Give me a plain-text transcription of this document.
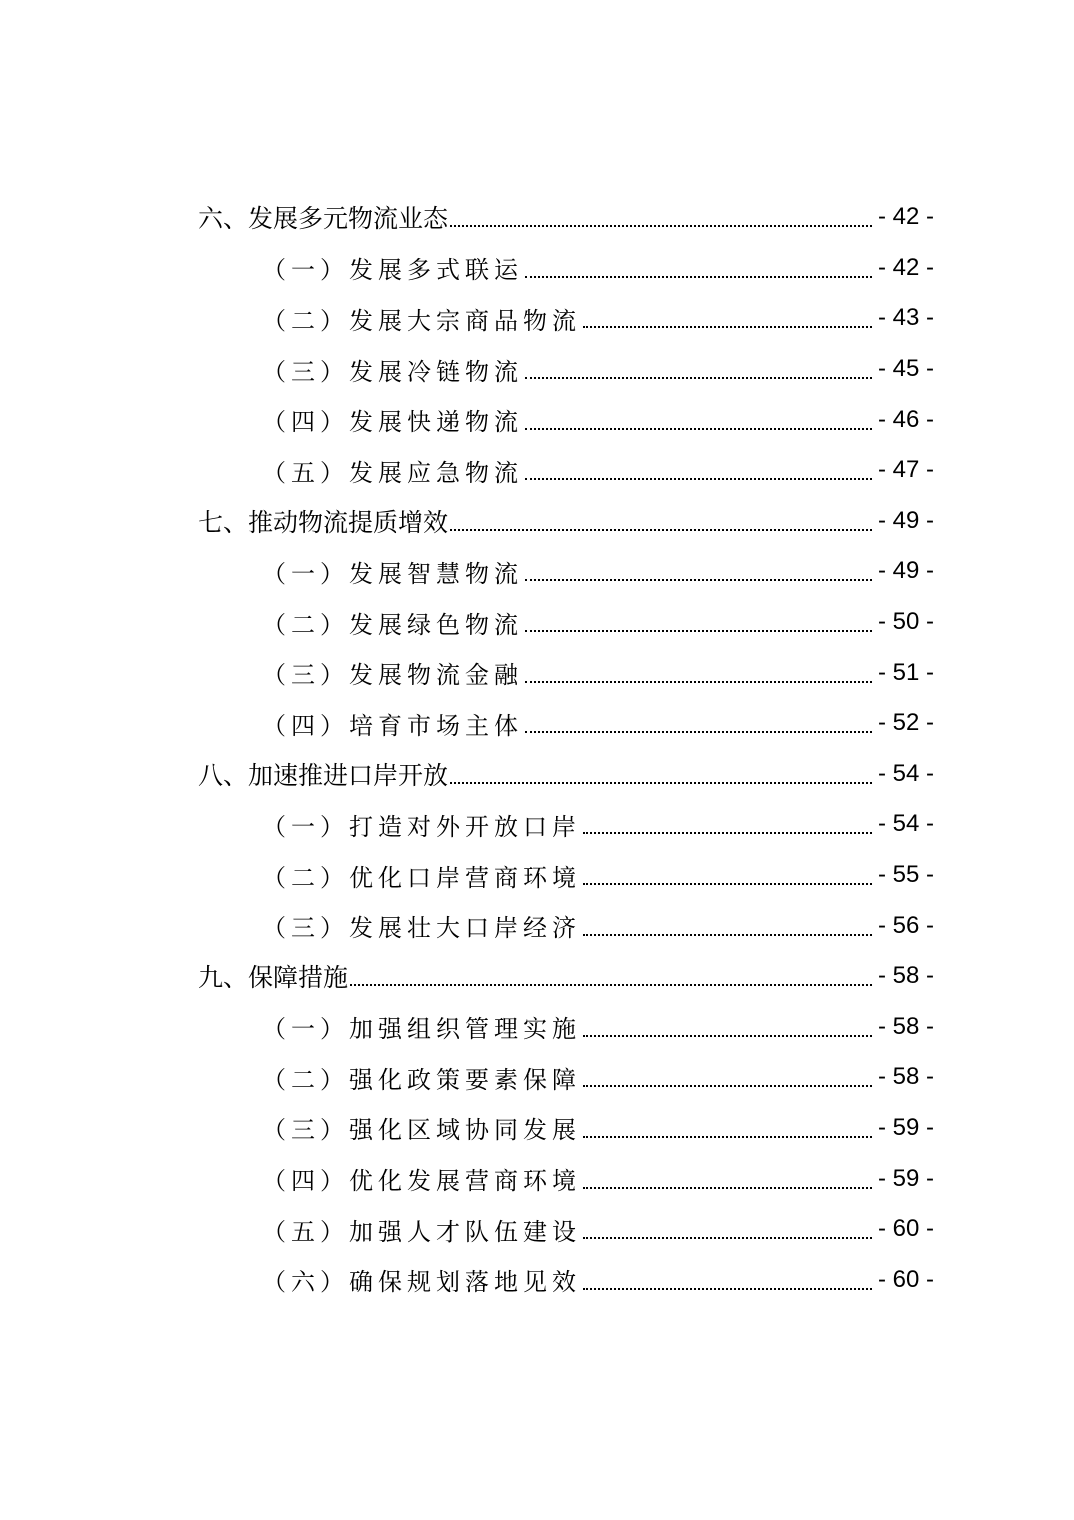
六、发展多元物流业态	- 42 -
（一）发展多式联运	- 42 -
（二）发展大宗商品物流	- 43 -
（三）发展冷链物流	- 45 -
（四）发展快递物流	- 46 -
（五）发展应急物流	- 47 -
七、推动物流提质增效	- 49 -
（一）发展智慧物流	- 49 -
（二）发展绿色物流	- 50 -
（三）发展物流金融	- 51 -
（四）培育市场主体	- 52 -
八、加速推进口岸开放	- 54 -
（一）打造对外开放口岸	- 54 -
（二）优化口岸营商环境	- 55 -
（三）发展壮大口岸经济	- 56 -
九、保障措施	- 58 -
（一）加强组织管理实施	- 58 -
（二）强化政策要素保障	- 58 -
（三）强化区域协同发展	- 59 -
（四）优化发展营商环境	- 59 -
（五）加强人才队伍建设	- 60 -
（六）确保规划落地见效	- 60 -
